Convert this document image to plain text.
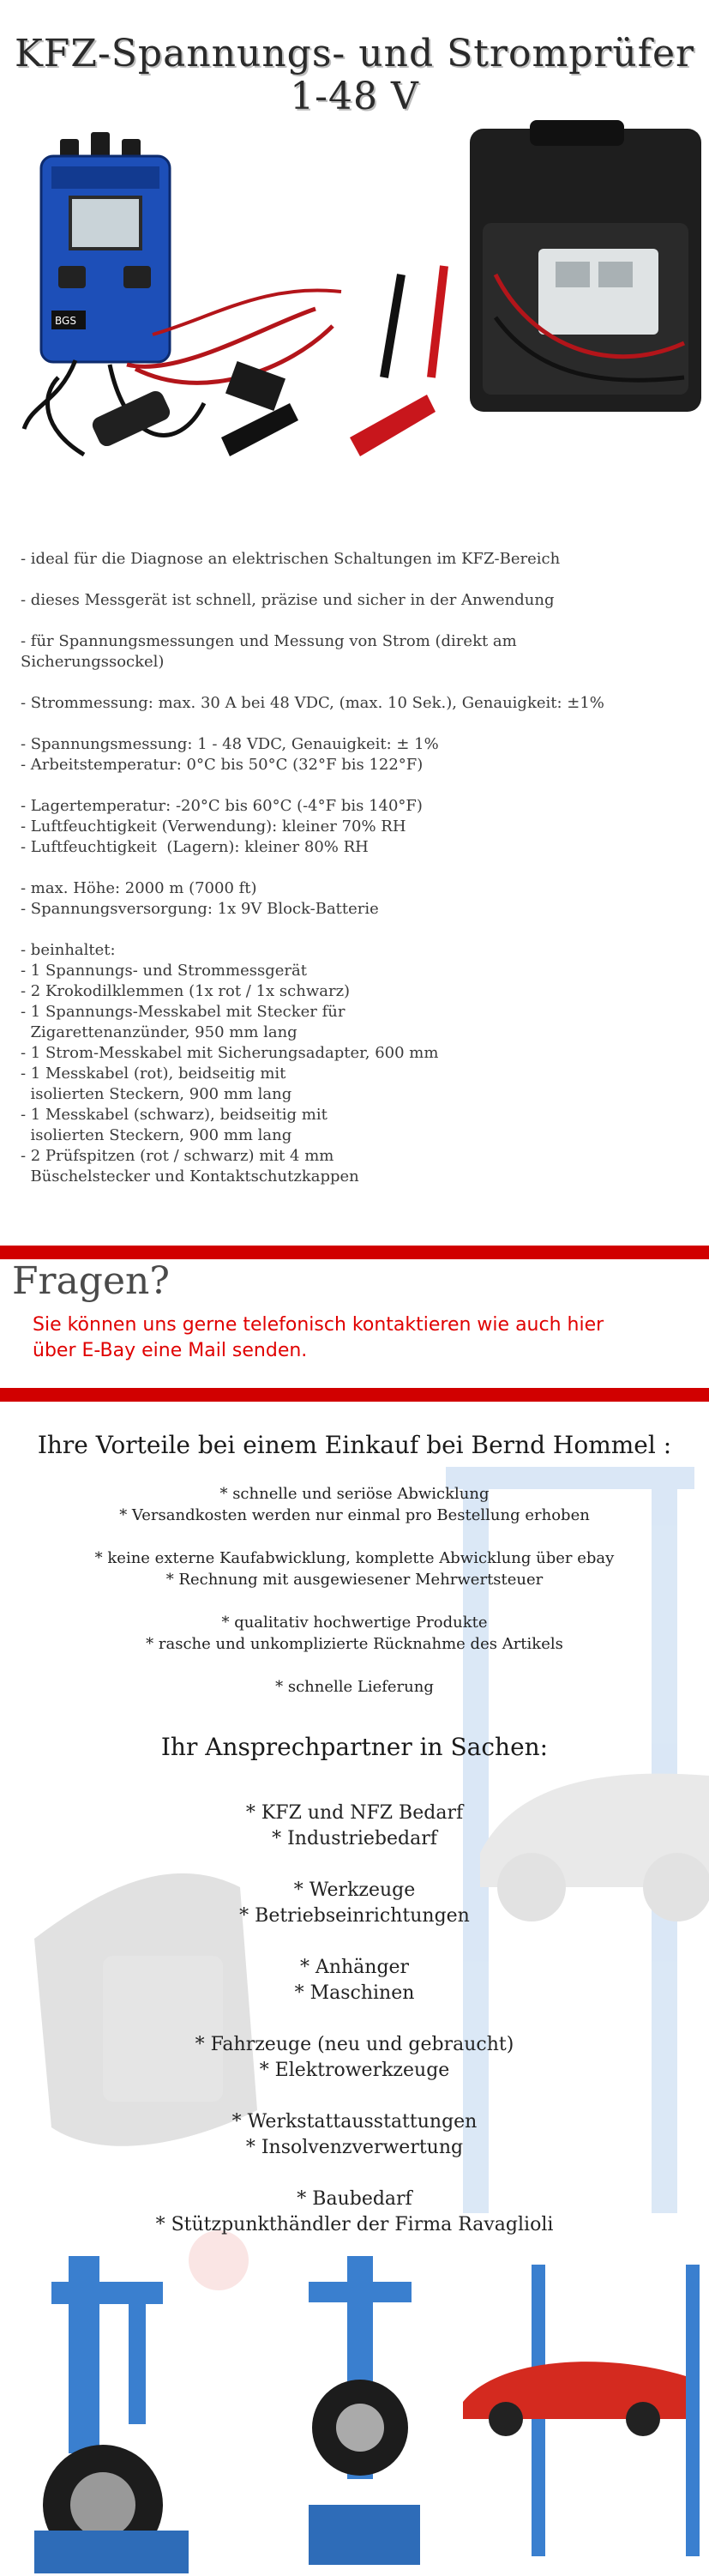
KFZ-Spannungs- und Stromprüfer
1-48 V
BGS
- ideal für die Diagnose an elektrischen Schaltungen im KFZ-Bereich
- dieses Messgerät ist schnell, präzise und sicher in der Anwendung
- für Spannungsmessungen und Messung von Strom (direkt am
Sicherungssockel)
- Strommessung: max. 30 A bei 48 VDC, (max. 10 Sek.), Genauigkeit: ±1%
- Spannungsmessung: 1 - 48 VDC, Genauigkeit: ± 1%
- Arbeitstemperatur: 0°C bis 50°C (32°F bis 122°F)
- Lagertemperatur: -20°C bis 60°C (-4°F bis 140°F)
- Luftfeuchtigkeit (Verwendung): kleiner 70% RH
- Luftfeuchtigkeit  (Lagern): kleiner 80% RH
- max. Höhe: 2000 m (7000 ft)
- Spannungsversorgung: 1x 9V Block-Batterie
- beinhaltet:
- 1 Spannungs- und Strommessgerät
- 2 Krokodilklemmen (1x rot / 1x schwarz)
- 1 Spannungs-Messkabel mit Stecker für
Zigarettenanzünder, 950 mm lang
- 1 Strom-Messkabel mit Sicherungsadapter, 600 mm
- 1 Messkabel (rot), beidseitig mit
isolierten Steckern, 900 mm lang
- 1 Messkabel (schwarz), beidseitig mit
isolierten Steckern, 900 mm lang
- 2 Prüfspitzen (rot / schwarz) mit 4 mm
Büschelstecker und Kontaktschutzkappen
Fragen?
Sie können uns gerne telefonisch kontaktieren wie auch hier
über E-Bay eine Mail senden.
Ihre Vorteile bei einem Einkauf bei Bernd Hommel :
* schnelle und seriöse Abwicklung
* Versandkosten werden nur einmal pro Bestellung erhoben
* keine externe Kaufabwicklung, komplette Abwicklung über ebay
* Rechnung mit ausgewiesener Mehrwertsteuer
* qualitativ hochwertige Produkte
* rasche und unkomplizierte Rücknahme des Artikels
* schnelle Lieferung
Ihr Ansprechpartner in Sachen:
* KFZ und NFZ Bedarf
* Industriebedarf
* Werkzeuge
* Betriebseinrichtungen
* Anhänger
* Maschinen
* Fahrzeuge (neu und gebraucht)
* Elektrowerkzeuge
* Werkstattausstattungen
* Insolvenzverwertung
* Baubedarf
* Stützpunkthändler der Firma Ravaglioli
